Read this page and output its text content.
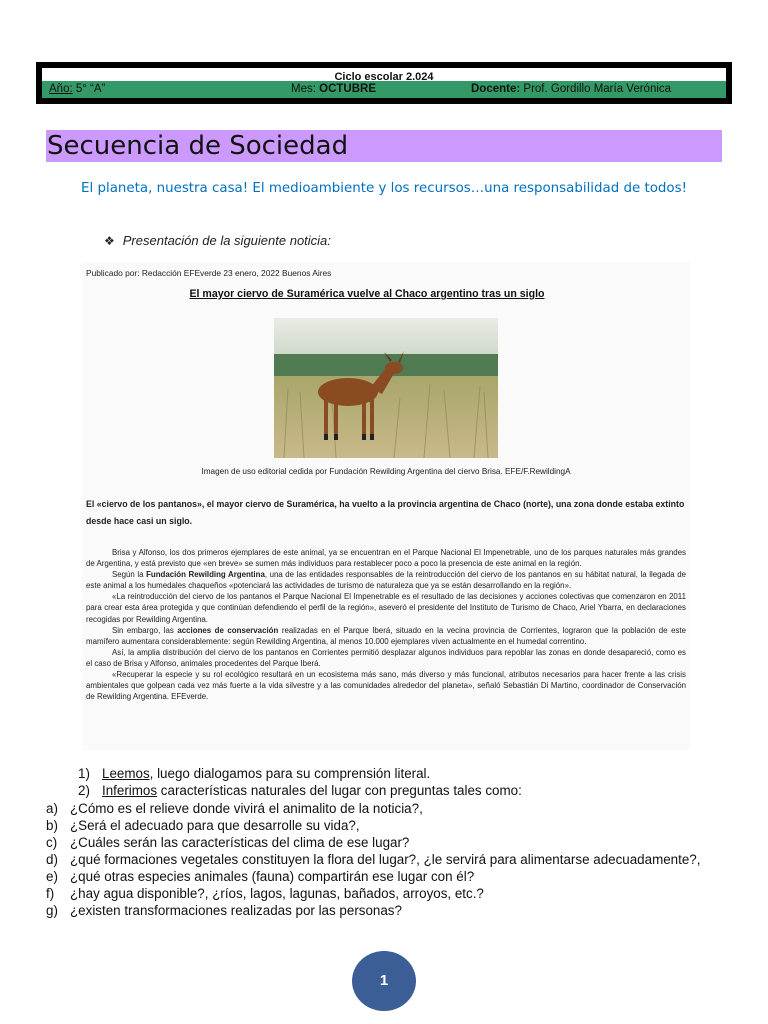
Ciclo escolar 2.024
Año: 5° “A”	Mes: OCTUBRE	Docente: Prof. Gordillo María Verónica
Secuencia de Sociedad
El planeta, nuestra casa! El medioambiente y los recursos…una responsabilidad de todos!
❖ Presentación de la siguiente noticia:
Publicado por: Redacción EFEverde 23 enero, 2022 Buenos Aires
El mayor ciervo de Suramérica vuelve al Chaco argentino tras un siglo
Imagen de uso editorial cedida por Fundación Rewilding Argentina del ciervo Brisa. EFE/F.RewildingA
El «ciervo de los pantanos», el mayor ciervo de Suramérica, ha vuelto a la provincia argentina de Chaco (norte), una zona donde estaba extinto desde hace casi un siglo.

Brisa y Alfonso, los dos primeros ejemplares de este animal, ya se encuentran en el Parque Nacional El Impenetrable, uno de los parques naturales más grandes de Argentina, y está previsto que «en breve» se sumen más individuos para restablecer poco a poco la presencia de este animal en la región.

Según la Fundación Rewilding Argentina, una de las entidades responsables de la reintroducción del ciervo de los pantanos en su hábitat natural, la llegada de este animal a los humedales chaqueños «potenciará las actividades de turismo de naturaleza que ya se están desarrollando en la región».

«La reintroducción del ciervo de los pantanos el Parque Nacional El Impenetrable es el resultado de las decisiones y acciones colectivas que comenzaron en 2011 para crear esta área protegida y que continúan defendiendo el perfil de la región», aseveró el presidente del Instituto de Turismo de Chaco, Ariel Ybarra, en declaraciones recogidas por Rewilding Argentina.

Sin embargo, las acciones de conservación realizadas en el Parque Iberá, situado en la vecina provincia de Corrientes, lograron que la población de este mamífero aumentara considerablemente: según Rewilding Argentina, al menos 10.000 ejemplares viven actualmente en el humedal correntino.

Así, la amplia distribución del ciervo de los pantanos en Corrientes permitió desplazar algunos individuos para repoblar las zonas en donde desapareció, como es el caso de Brisa y Alfonso, animales procedentes del Parque Iberá.

«Recuperar la especie y su rol ecológico resultará en un ecosistema más sano, más diverso y más funcional, atributos necesarios para hacer frente a las crisis ambientales que golpean cada vez más fuerte a la vida silvestre y a las comunidades alrededor del planeta», señaló Sebastián Di Martino, coordinador de Conservación de Rewilding Argentina. EFEverde.

1) Leemos, luego dialogamos para su comprensión literal.
2) Inferimos características naturales del lugar con preguntas tales como:
a) ¿Cómo es el relieve donde vivirá el animalito de la noticia?,
b) ¿Será el adecuado para que desarrolle su vida?,
c) ¿Cuáles serán las características del clima de ese lugar?
d) ¿qué formaciones vegetales constituyen la flora del lugar?, ¿le servirá para alimentarse adecuadamente?,
e) ¿qué otras especies animales (fauna) compartirán ese lugar con él?
f) ¿hay agua disponible?, ¿ríos, lagos, lagunas, bañados, arroyos, etc.?
g) ¿existen transformaciones realizadas por las personas?
1
